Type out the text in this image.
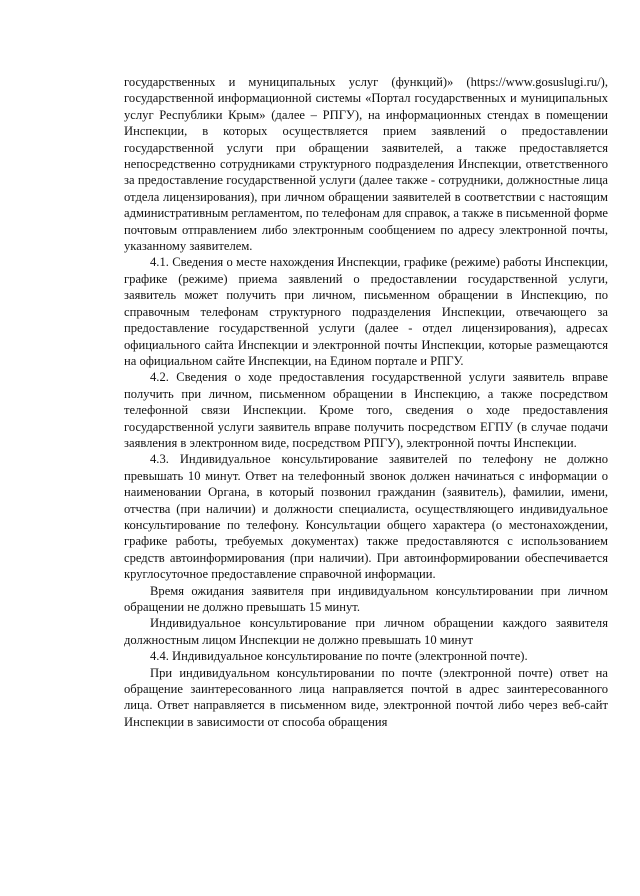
государственных и муниципальных услуг (функций)» (https://www.gosuslugi.ru/), государственной информационной системы «Портал государственных и муниципальных услуг Республики Крым» (далее – РПГУ), на информационных стендах в помещении Инспекции, в которых осуществляется прием заявлений о предоставлении государственной услуги при обращении заявителей, а также предоставляется непосредственно сотрудниками структурного подразделения Инспекции, ответственного за предоставление государственной услуги (далее также - сотрудники, должностные лица отдела лицензирования), при личном обращении заявителей в соответствии с настоящим административным регламентом, по телефонам для справок, а также в письменной форме почтовым отправлением либо электронным сообщением по адресу электронной почты, указанному заявителем.

4.1. Сведения о месте нахождения Инспекции, графике (режиме) работы Инспекции, графике (режиме) приема заявлений о предоставлении государственной услуги, заявитель может получить при личном, письменном обращении в Инспекцию, по справочным телефонам структурного подразделения Инспекции, отвечающего за предоставление государственной услуги (далее - отдел лицензирования), адресах официального сайта Инспекции и электронной почты Инспекции, которые размещаются на официальном сайте Инспекции, на Едином портале и РПГУ.

4.2. Сведения о ходе предоставления государственной услуги заявитель вправе получить при личном, письменном обращении в Инспекцию, а также посредством телефонной связи Инспекции. Кроме того, сведения о ходе предоставления государственной услуги заявитель вправе получить посредством ЕГПУ (в случае подачи заявления в электронном виде, посредством РПГУ), электронной почты Инспекции.

4.3. Индивидуальное консультирование заявителей по телефону не должно превышать 10 минут. Ответ на телефонный звонок должен начинаться с информации о наименовании Органа, в который позвонил гражданин (заявитель), фамилии, имени, отчества (при наличии) и должности специалиста, осуществляющего индивидуальное консультирование по телефону. Консультации общего характера (о местонахождении, графике работы, требуемых документах) также предоставляются с использованием средств автоинформирования (при наличии). При автоинформировании обеспечивается круглосуточное предоставление справочной информации.

Время ожидания заявителя при индивидуальном консультировании при личном обращении не должно превышать 15 минут.

Индивидуальное консультирование при личном обращении каждого заявителя должностным лицом Инспекции не должно превышать 10 минут

4.4. Индивидуальное консультирование по почте (электронной почте).

При индивидуальном консультировании по почте (электронной почте) ответ на обращение заинтересованного лица направляется почтой в адрес заинтересованного лица. Ответ направляется в письменном виде, электронной почтой либо через веб-сайт Инспекции в зависимости от способа обращения
